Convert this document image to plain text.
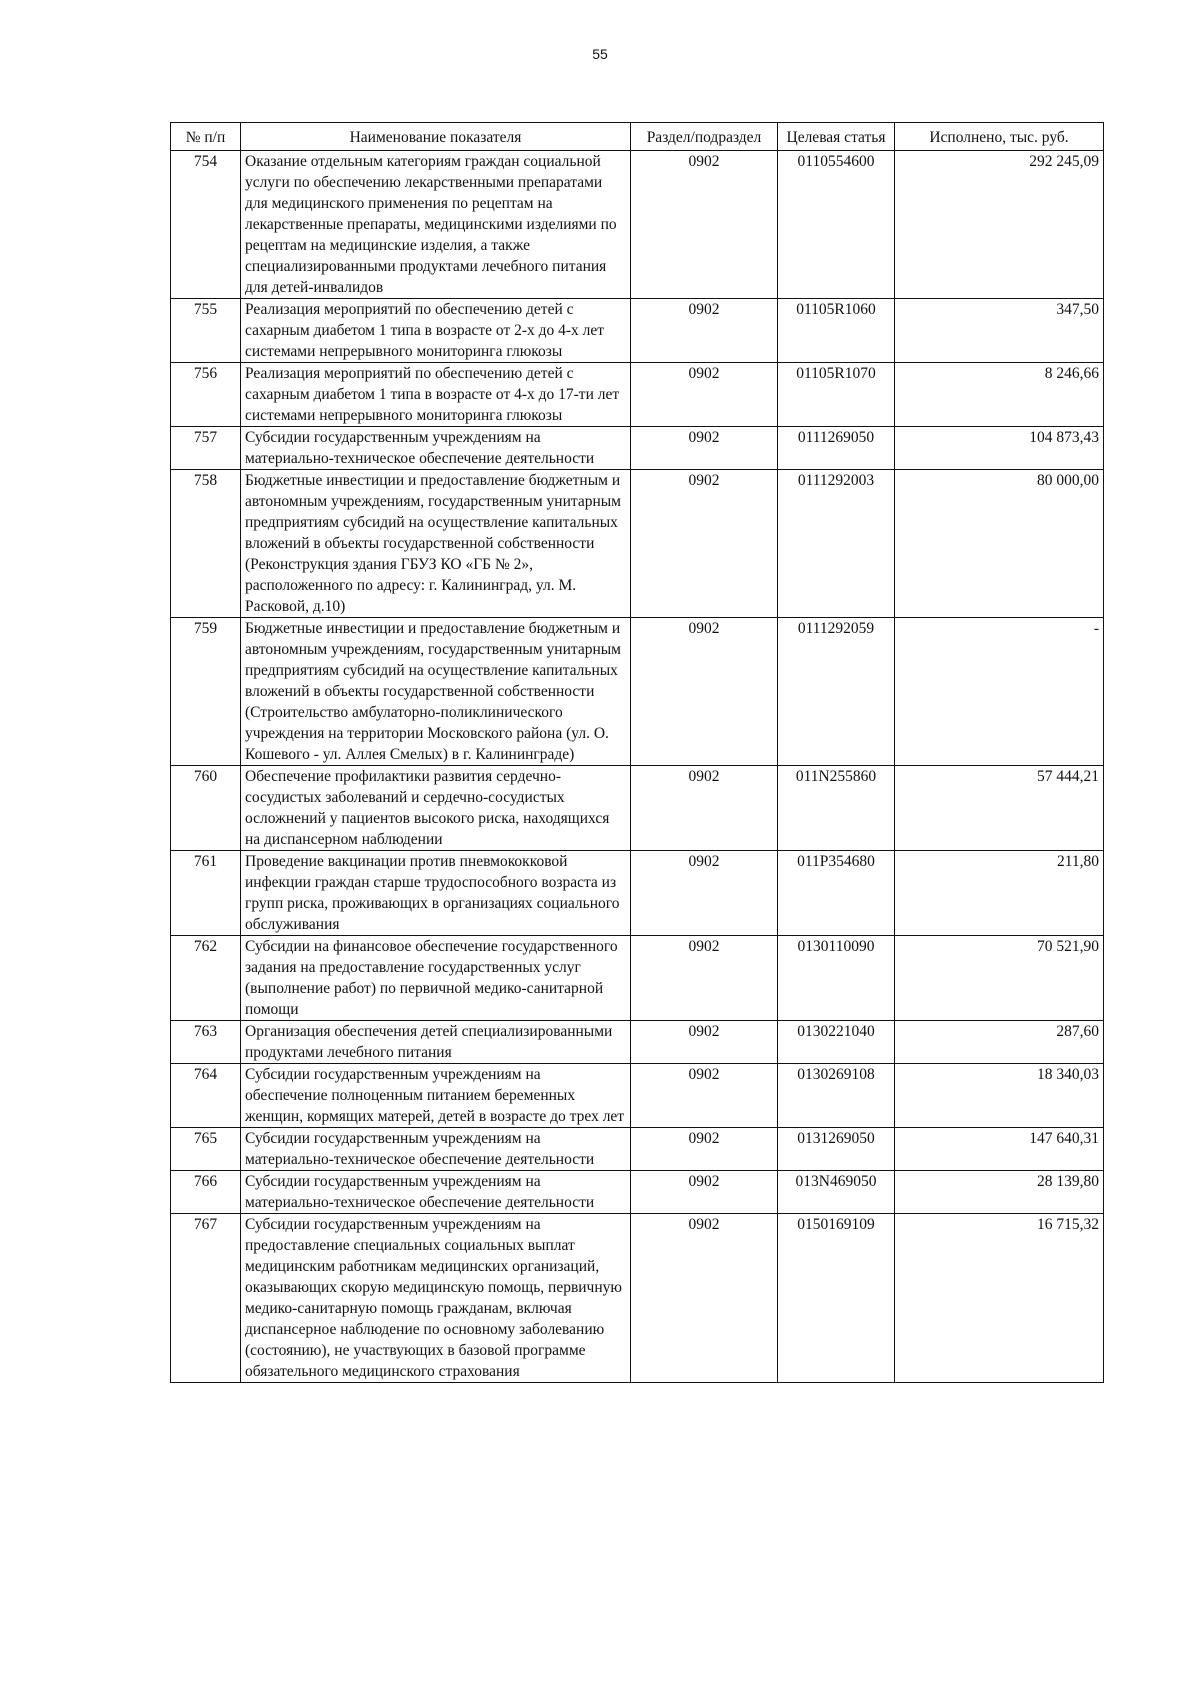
55
№ п/п	Наименование показателя	Раздел/подраздел	Целевая статья	Исполнено, тыс. руб.
754	Оказание отдельным категориям граждан социальной услуги по обеспечению лекарственными препаратами для медицинского применения по рецептам на лекарственные препараты, медицинскими изделиями по рецептам на медицинские изделия, а также специализированными продуктами лечебного питания для детей-инвалидов	0902	0110554600	292 245,09
755	Реализация мероприятий по обеспечению детей с сахарным диабетом 1 типа в возрасте от 2-х до 4-х лет системами непрерывного мониторинга глюкозы	0902	01105R1060	347,50
756	Реализация мероприятий по обеспечению детей с сахарным диабетом 1 типа в возрасте от 4-х до 17-ти лет системами непрерывного мониторинга глюкозы	0902	01105R1070	8 246,66
757	Субсидии государственным учреждениям на материально-техническое обеспечение деятельности	0902	0111269050	104 873,43
758	Бюджетные инвестиции и предоставление бюджетным и автономным учреждениям, государственным унитарным предприятиям субсидий на осуществление капитальных вложений в объекты государственной собственности (Реконструкция здания ГБУЗ КО «ГБ № 2», расположенного по адресу: г. Калининград, ул. М. Расковой, д.10)	0902	0111292003	80 000,00
759	Бюджетные инвестиции и предоставление бюджетным и автономным учреждениям, государственным унитарным предприятиям субсидий на осуществление капитальных вложений в объекты государственной собственности (Строительство амбулаторно-поликлинического учреждения на территории Московского района (ул. О. Кошевого - ул. Аллея Смелых) в г. Калининграде)	0902	0111292059	-
760	Обеспечение профилактики развития сердечно-сосудистых заболеваний и сердечно-сосудистых осложнений у пациентов высокого риска, находящихся на диспансерном наблюдении	0902	011N255860	57 444,21
761	Проведение вакцинации против пневмококковой инфекции граждан старше трудоспособного возраста из групп риска, проживающих в организациях социального обслуживания	0902	011P354680	211,80
762	Субсидии на финансовое обеспечение государственного задания на предоставление государственных услуг (выполнение работ) по первичной медико-санитарной помощи	0902	0130110090	70 521,90
763	Организация обеспечения детей специализированными продуктами лечебного питания	0902	0130221040	287,60
764	Субсидии государственным учреждениям на обеспечение полноценным питанием беременных женщин, кормящих матерей, детей в возрасте до трех лет	0902	0130269108	18 340,03
765	Субсидии государственным учреждениям на материально-техническое обеспечение деятельности	0902	0131269050	147 640,31
766	Субсидии государственным учреждениям на материально-техническое обеспечение деятельности	0902	013N469050	28 139,80
767	Субсидии государственным учреждениям на предоставление специальных социальных выплат медицинским работникам медицинских организаций, оказывающих скорую медицинскую помощь, первичную медико-санитарную помощь гражданам, включая диспансерное наблюдение по основному заболеванию (состоянию), не участвующих в базовой программе обязательного медицинского страхования	0902	0150169109	16 715,32
